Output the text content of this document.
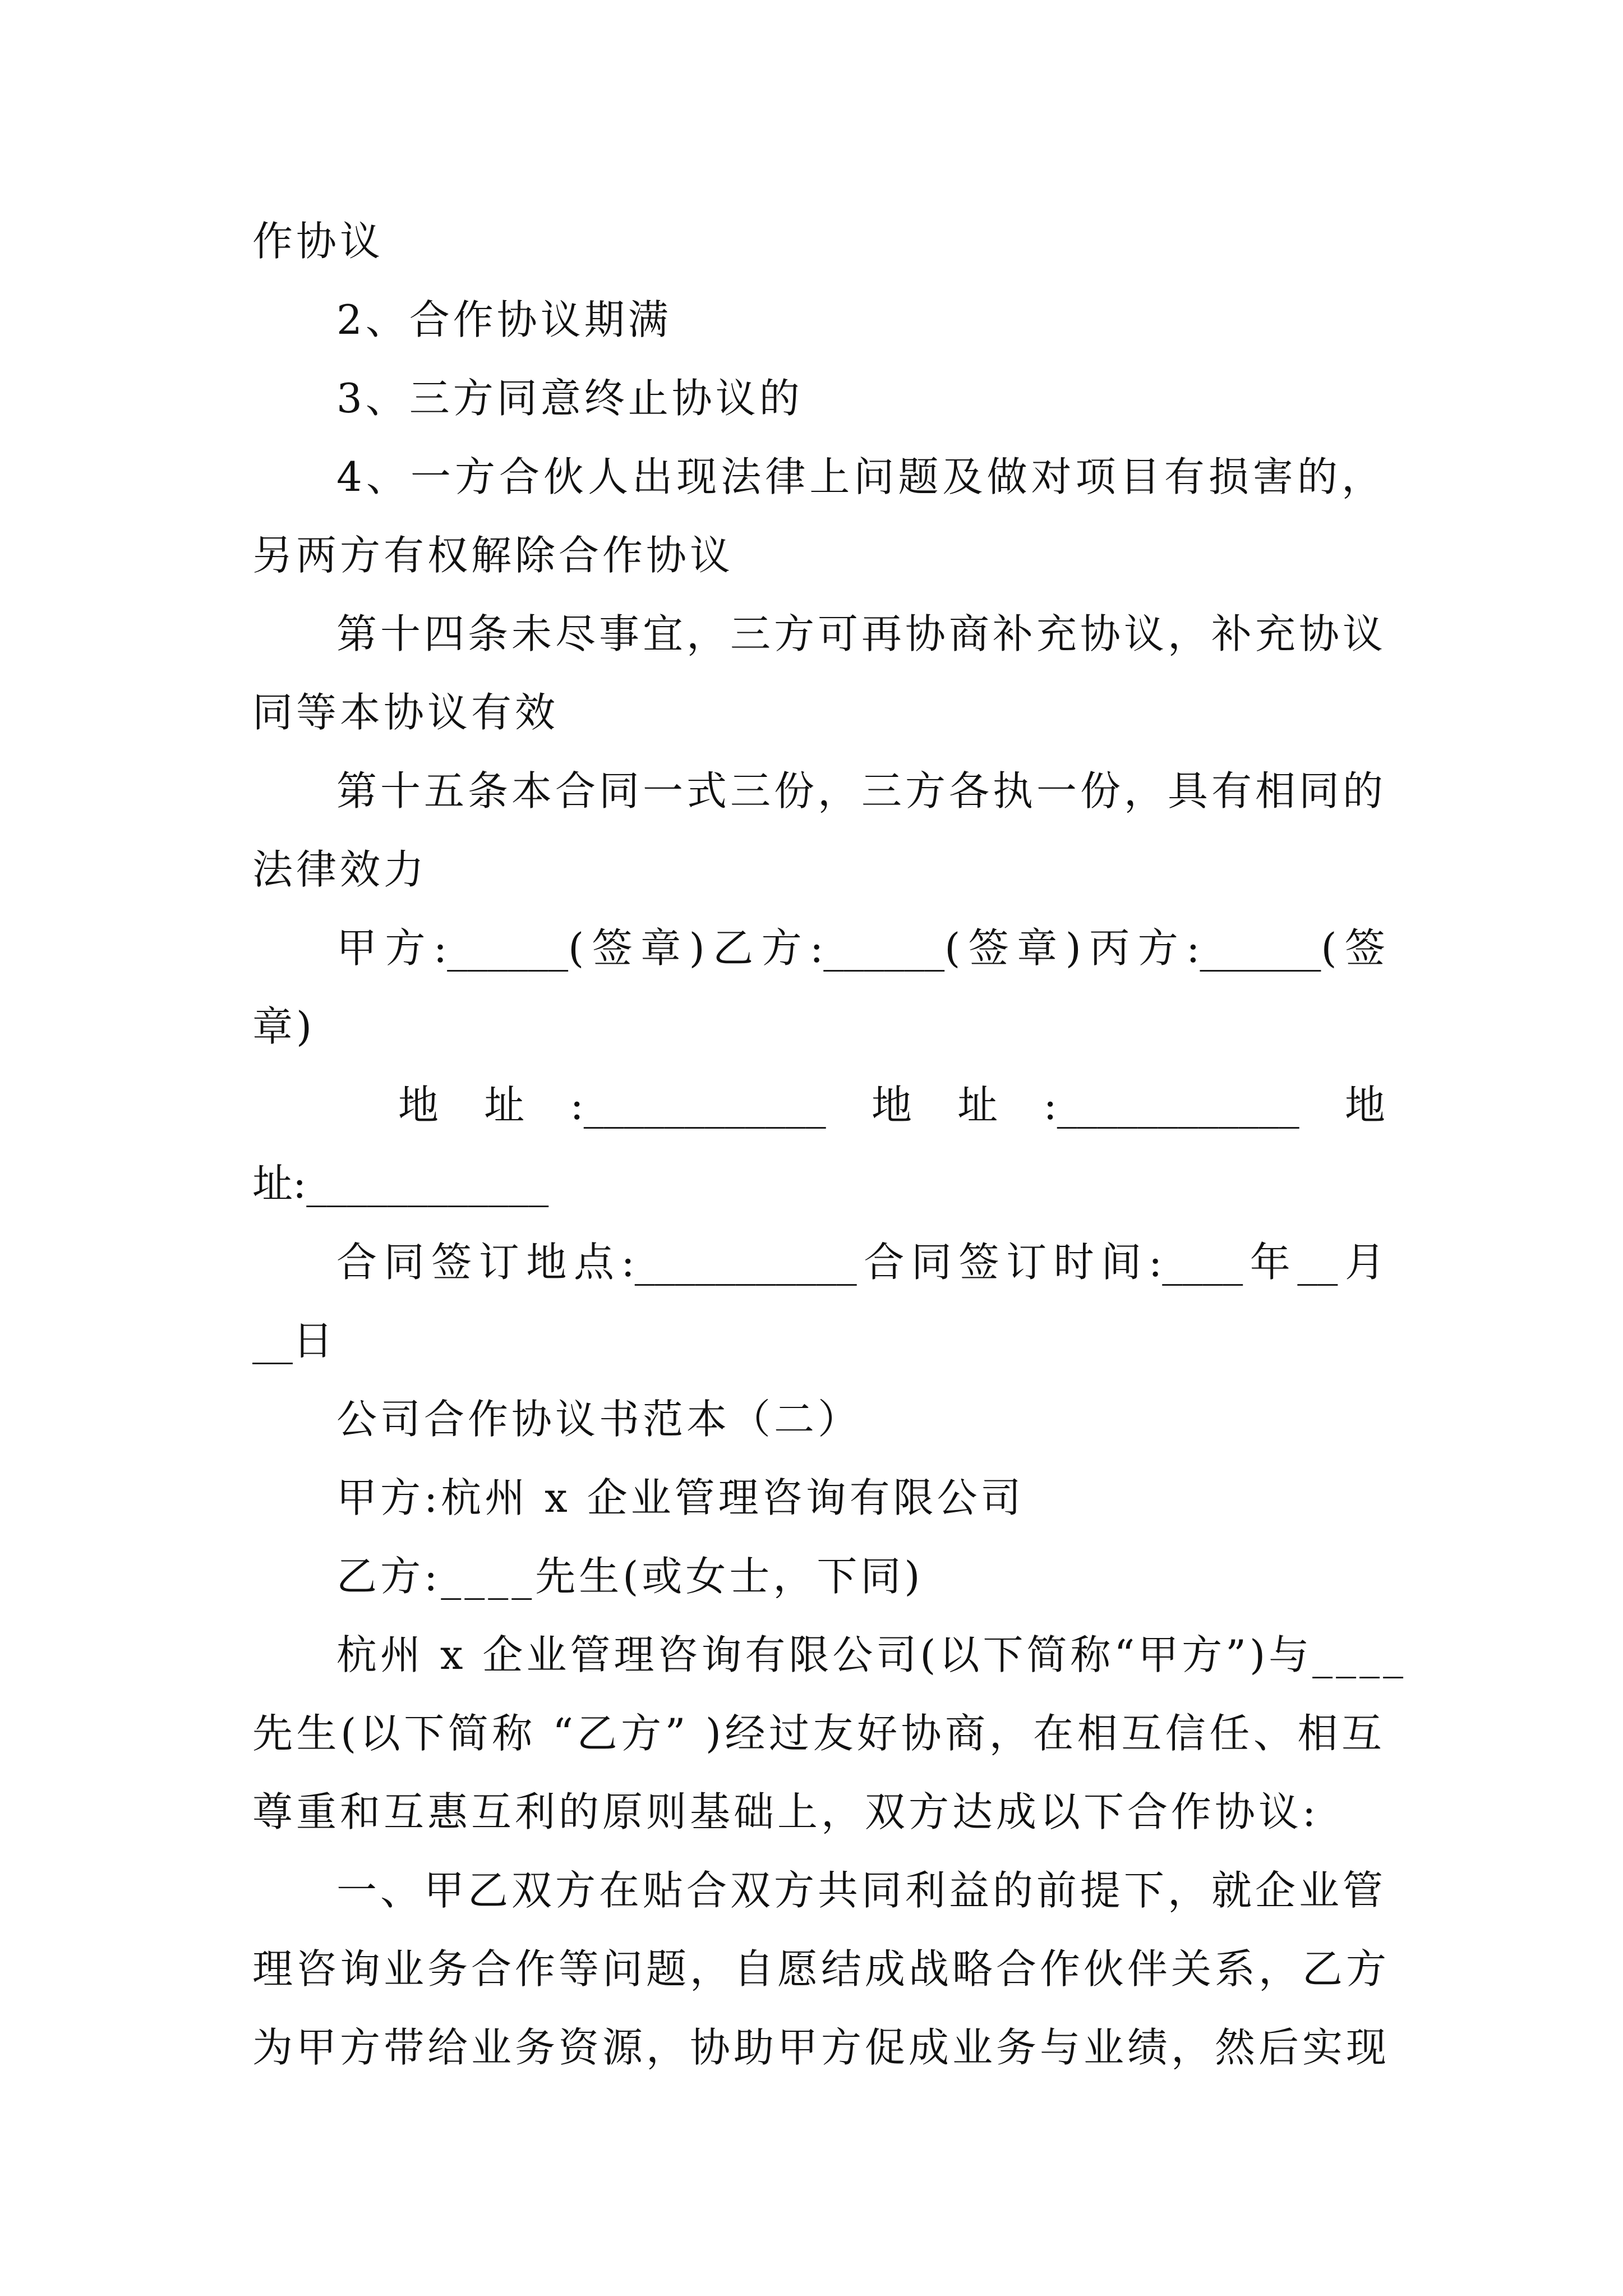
作协议
2、合作协议期满
3、三方同意终止协议的
4、一方合伙人出现法律上问题及做对项目有损害的，
另两方有权解除合作协议
第十四条未尽事宜，三方可再协商补充协议，补充协议
同等本协议有效
第十五条本合同一式三份，三方各执一份，具有相同的
法律效力
甲方:______(签章)乙方:______(签章)丙方:______(签
章)
地　址　:____________　地　址　:____________　地
址:____________
合同签订地点:___________合同签订时间:____年__月
__日
公司合作协议书范本（二）
甲方:杭州 x 企业管理咨询有限公司
乙方:____先生(或女士，下同)
杭州 x 企业管理咨询有限公司(以下简称“甲方”)与____
先生(以下简称 “乙方” )经过友好协商，在相互信任、相互
尊重和互惠互利的原则基础上，双方达成以下合作协议:
一、甲乙双方在贴合双方共同利益的前提下，就企业管
理咨询业务合作等问题，自愿结成战略合作伙伴关系，乙方
为甲方带给业务资源，协助甲方促成业务与业绩，然后实现
